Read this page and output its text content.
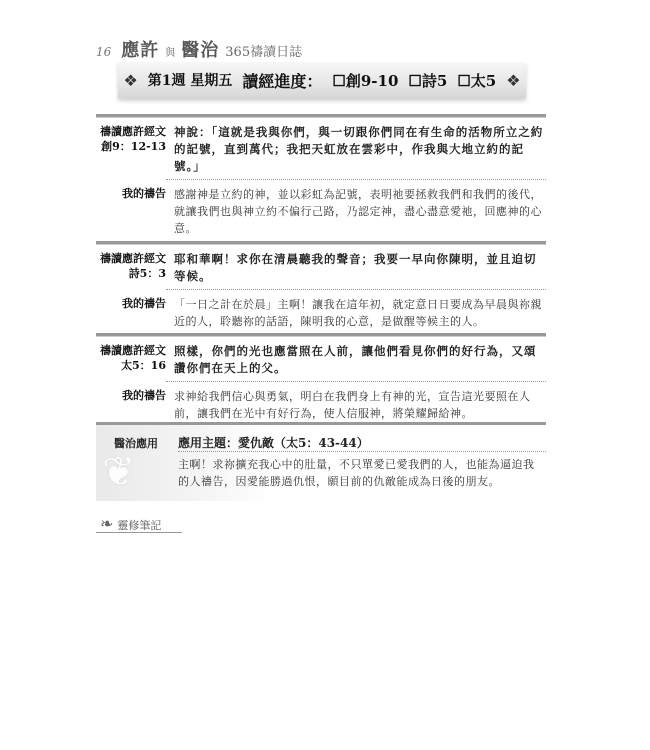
16 應許 與 醫治 365禱讀日誌
❖ 第1週 星期五 讀經進度： ☐創9-10 ☐詩5 ☐太5 ❖
禱讀應許經文
創9：12-13
神說：「這就是我與你們，與一切跟你們同在有生命的活物所立之約的記號，直到萬代；我把天虹放在雲彩中，作我與大地立約的記號。」
我的禱告 感謝神是立約的神，並以彩虹為記號，表明祂要拯救我們和我們的後代，就讓我們也與神立約不偏行己路，乃認定神，盡心盡意愛祂，回應神的心意。
禱讀應許經文
詩5：3
耶和華啊！求你在清晨聽我的聲音；我要一早向你陳明，並且迫切等候。
我的禱告 「一日之計在於晨」主啊！讓我在這年初，就定意日日要成為早晨與祢親近的人，聆聽祢的話語，陳明我的心意，是做醒等候主的人。
禱讀應許經文
太5：16
照樣，你們的光也應當照在人前，讓他們看見你們的好行為，又頌讚你們在天上的父。
我的禱告 求神給我們信心與勇氣，明白在我們身上有神的光，宣告這光要照在人前，讓我們在光中有好行為，使人信服神，將榮耀歸給神。
❦
醫治應用	應用主題：愛仇敵（太5：43-44）
主啊！求祢擴充我心中的肚量，不只單愛已愛我們的人，也能為逼迫我的人禱告，因愛能勝過仇恨，願目前的仇敵能成為日後的朋友。
❧ 靈修筆記
